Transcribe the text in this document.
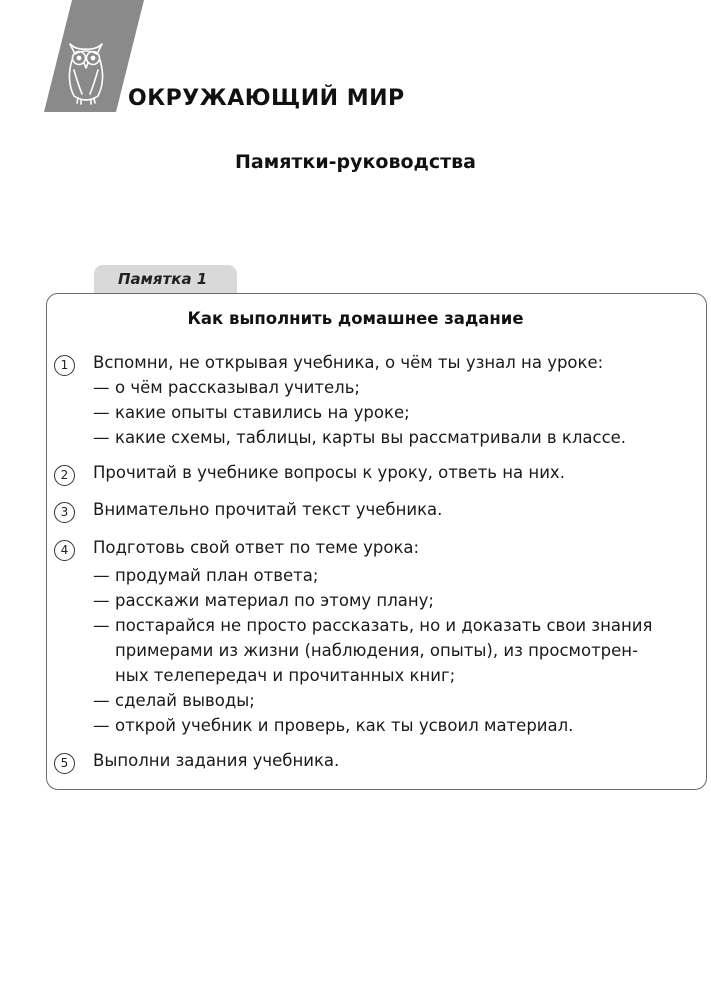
ОКРУЖАЮЩИЙ МИР
Памятки-руководства
Памятка 1
Как выполнить домашнее задание
1	Вспомни, не открывая учебника, о чём ты узнал на уроке:
— о чём рассказывал учитель;
— какие опыты ставились на уроке;
— какие схемы, таблицы, карты вы рассматривали в классе.
2	Прочитай в учебнике вопросы к уроку, ответь на них.
3	Внимательно прочитай текст учебника.
4	Подготовь свой ответ по теме урока:
— продумай план ответа;
— расскажи материал по этому плану;
— постарайся не просто рассказать, но и доказать свои знания
примерами из жизни (наблюдения, опыты), из просмотрен-
ных телепередач и прочитанных книг;
— сделай выводы;
— открой учебник и проверь, как ты усвоил материал.
5	Выполни задания учебника.
